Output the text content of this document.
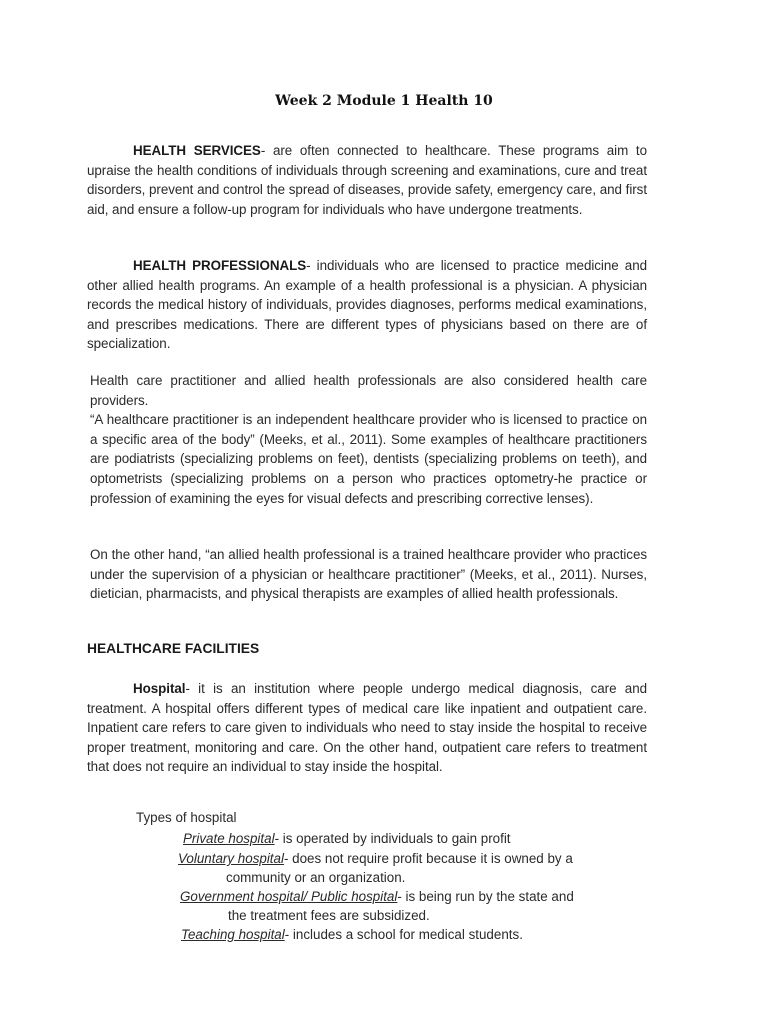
Week 2 Module 1 Health 10
HEALTH SERVICES- are often connected to healthcare. These programs aim to upraise the health conditions of individuals through screening and examinations, cure and treat disorders, prevent and control the spread of diseases, provide safety, emergency care, and first aid, and ensure a follow-up program for individuals who have undergone treatments.
HEALTH PROFESSIONALS- individuals who are licensed to practice medicine and other allied health programs. An example of a health professional is a physician. A physician records the medical history of individuals, provides diagnoses, performs medical examinations, and prescribes medications. There are different types of physicians based on there are of specialization.
Health care practitioner and allied health professionals are also considered health care providers.
“A healthcare practitioner is an independent healthcare provider who is licensed to practice on a specific area of the body” (Meeks, et al., 2011). Some examples of healthcare practitioners are podiatrists (specializing problems on feet), dentists (specializing problems on teeth), and optometrists (specializing problems on a person who practices optometry-he practice or profession of examining the eyes for visual defects and prescribing corrective lenses).
On the other hand, “an allied health professional is a trained healthcare provider who practices under the supervision of a physician or healthcare practitioner” (Meeks, et al., 2011). Nurses, dietician, pharmacists, and physical therapists are examples of allied health professionals.
HEALTHCARE FACILITIES
Hospital- it is an institution where people undergo medical diagnosis, care and treatment. A hospital offers different types of medical care like inpatient and outpatient care. Inpatient care refers to care given to individuals who need to stay inside the hospital to receive proper treatment, monitoring and care. On the other hand, outpatient care refers to treatment that does not require an individual to stay inside the hospital.
Types of hospital
Private hospital- is operated by individuals to gain profit
Voluntary hospital- does not require profit because it is owned by a
community or an organization.
Government hospital/ Public hospital- is being run by the state and
the treatment fees are subsidized.
Teaching hospital- includes a school for medical students.
